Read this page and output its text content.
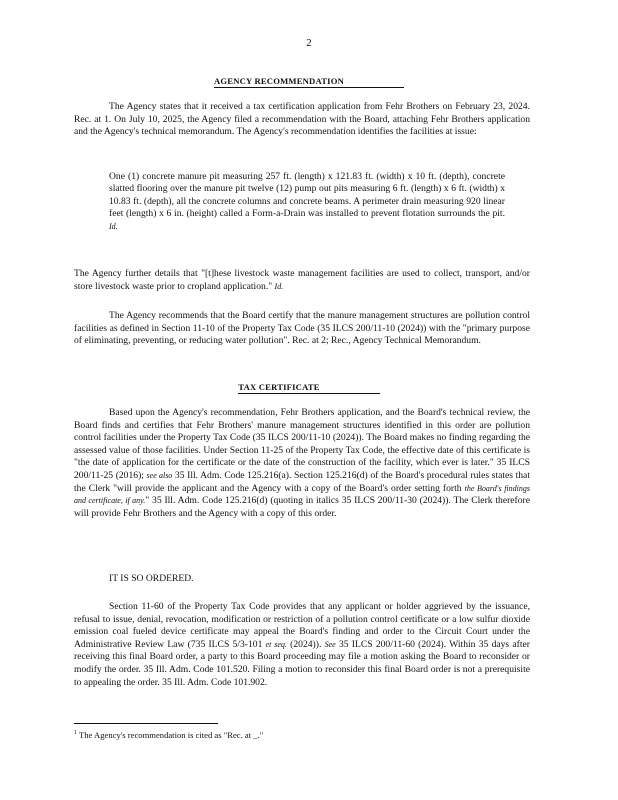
2
AGENCY RECOMMENDATION

The Agency states that it received a tax certification application from Fehr Brothers on February 23, 2024. Rec. at 1. On July 10, 2025, the Agency filed a recommendation with the Board, attaching Fehr Brothers application and the Agency's technical memorandum. The Agency's recommendation identifies the facilities at issue:

One (1) concrete manure pit measuring 257 ft. (length) x 121.83 ft. (width) x 10 ft. (depth), concrete slatted flooring over the manure pit twelve (12) pump out pits measuring 6 ft. (length) x 6 ft. (width) x 10.83 ft. (depth), all the concrete columns and concrete beams. A perimeter drain measuring 920 linear feet (length) x 6 in. (height) called a Form-a-Drain was installed to prevent flotation surrounds the pit. Id.

The Agency further details that "[t]hese livestock waste management facilities are used to collect, transport, and/or store livestock waste prior to cropland application." Id.

The Agency recommends that the Board certify that the manure management structures are pollution control facilities as defined in Section 11-10 of the Property Tax Code (35 ILCS 200/11-10 (2024)) with the "primary purpose of eliminating, preventing, or reducing water pollution". Rec. at 2; Rec., Agency Technical Memorandum.

TAX CERTIFICATE

Based upon the Agency's recommendation, Fehr Brothers application, and the Board's technical review, the Board finds and certifies that Fehr Brothers' manure management structures identified in this order are pollution control facilities under the Property Tax Code (35 ILCS 200/11-10 (2024)). The Board makes no finding regarding the assessed value of those facilities. Under Section 11-25 of the Property Tax Code, the effective date of this certificate is "the date of application for the certificate or the date of the construction of the facility, which ever is later." 35 ILCS 200/11-25 (2016); see also 35 Ill. Adm. Code 125.216(a). Section 125.216(d) of the Board's procedural rules states that the Clerk "will provide the applicant and the Agency with a copy of the Board's order setting forth the Board's findings and certificate, if any." 35 Ill. Adm. Code 125.216(d) (quoting in italics 35 ILCS 200/11-30 (2024)). The Clerk therefore will provide Fehr Brothers and the Agency with a copy of this order.

IT IS SO ORDERED.

Section 11-60 of the Property Tax Code provides that any applicant or holder aggrieved by the issuance, refusal to issue, denial, revocation, modification or restriction of a pollution control certificate or a low sulfur dioxide emission coal fueled device certificate may appeal the Board's finding and order to the Circuit Court under the Administrative Review Law (735 ILCS 5/3-101 et seq. (2024)). See 35 ILCS 200/11-60 (2024). Within 35 days after receiving this final Board order, a party to this Board proceeding may file a motion asking the Board to reconsider or modify the order. 35 Ill. Adm. Code 101.520. Filing a motion to reconsider this final Board order is not a prerequisite to appealing the order. 35 Ill. Adm. Code 101.902.

$^1$ The Agency's recommendation is cited as "Rec. at _."
